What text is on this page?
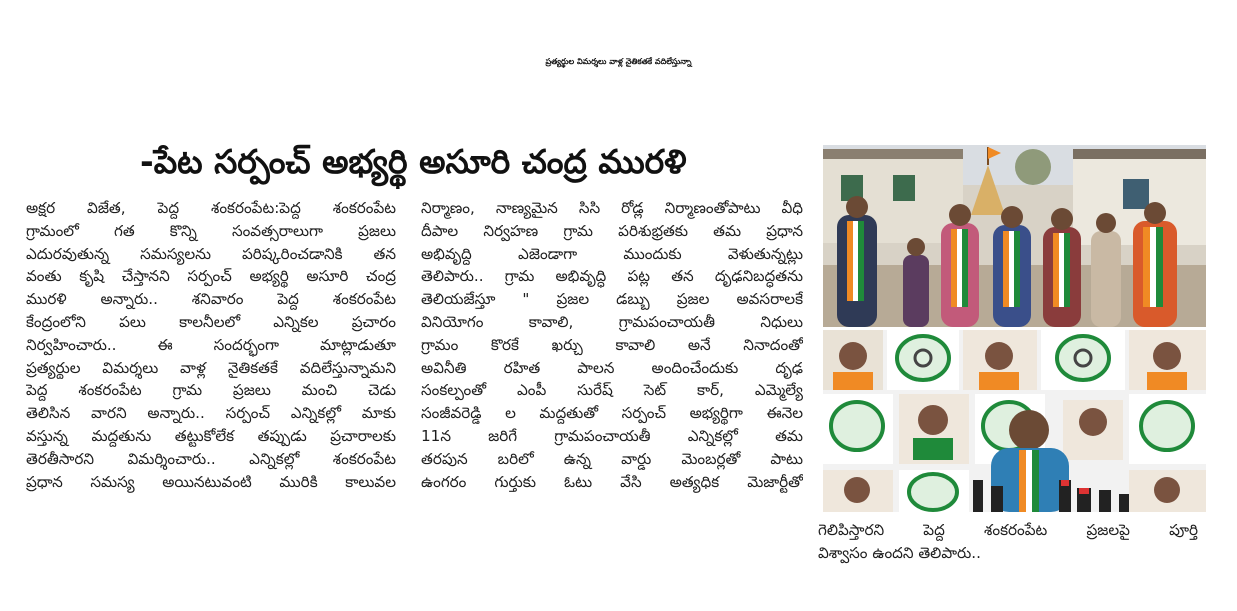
ప్రత్యర్థుల విమర్శలు వాళ్ల నైతికతకే వదిలేస్తున్నా
-పేట సర్పంచ్ అభ్యర్థి అసూరి చంద్ర మురళి

అక్షర విజేత, పెద్ద శంకరంపేట:పెద్ద శంకరంపేట

గ్రామంలో గత కొన్ని సంవత్సరాలుగా ప్రజలు

ఎదురవుతున్న సమస్యలను పరిష్కరించడానికి తన

వంతు కృషి చేస్తానని సర్పంచ్ అభ్యర్థి అసూరి చంద్ర

మురళి అన్నారు.. శనివారం పెద్ద శంకరంపేట

కేంద్రంలోని పలు కాలనీలలో ఎన్నికల ప్రచారం

నిర్వహించారు.. ఈ సందర్భంగా మాట్లాడుతూ

ప్రత్యర్థుల విమర్శలు వాళ్ల నైతికతకే వదిలేస్తున్నామని

పెద్ద శంకరంపేట గ్రామ ప్రజలు మంచి చెడు

తెలిసిన వారని అన్నారు.. సర్పంచ్ ఎన్నికల్లో మాకు

వస్తున్న మద్దతును తట్టుకోలేక తప్పుడు ప్రచారాలకు

తెరతీసారని విమర్శించారు.. ఎన్నికల్లో శంకరంపేట

ప్రధాన సమస్య అయినటువంటి మురికి కాలువల

నిర్మాణం, నాణ్యమైన సిసి రోడ్ల నిర్మాణంతోపాటు వీధి

దీపాల నిర్వహణ గ్రామ పరిశుభ్రతకు తమ ప్రధాన

అభివృద్ధి ఎజెండాగా ముందుకు వెళుతున్నట్లు

తెలిపారు.. గ్రామ అభివృద్ధి పట్ల తన దృఢనిబద్ధతను

తెలియజేస్తూ " ప్రజల డబ్బు ప్రజల అవసరాలకే

వినియోగం కావాలి, గ్రామపంచాయతీ నిధులు

గ్రామం కొరకే ఖర్చు కావాలి అనే నినాదంతో

అవినీతి రహిత పాలన అందించేందుకు దృఢ

సంకల్పంతో ఎంపీ సురేష్ సెట్ కార్, ఎమ్మెల్యే

సంజీవరెడ్డి ల మద్దతుతో సర్పంచ్ అభ్యర్థిగా ఈనెల

11న జరిగే గ్రామపంచాయతీ ఎన్నికల్లో తమ

తరపున బరిలో ఉన్న వార్డు మెంబర్లతో పాటు

ఉంగరం గుర్తుకు ఓటు వేసి అత్యధిక మెజార్టీతో

గెలిపిస్తారని పెద్ద శంకరంపేట ప్రజలపై పూర్తి

విశ్వాసం ఉందని తెలిపారు..
